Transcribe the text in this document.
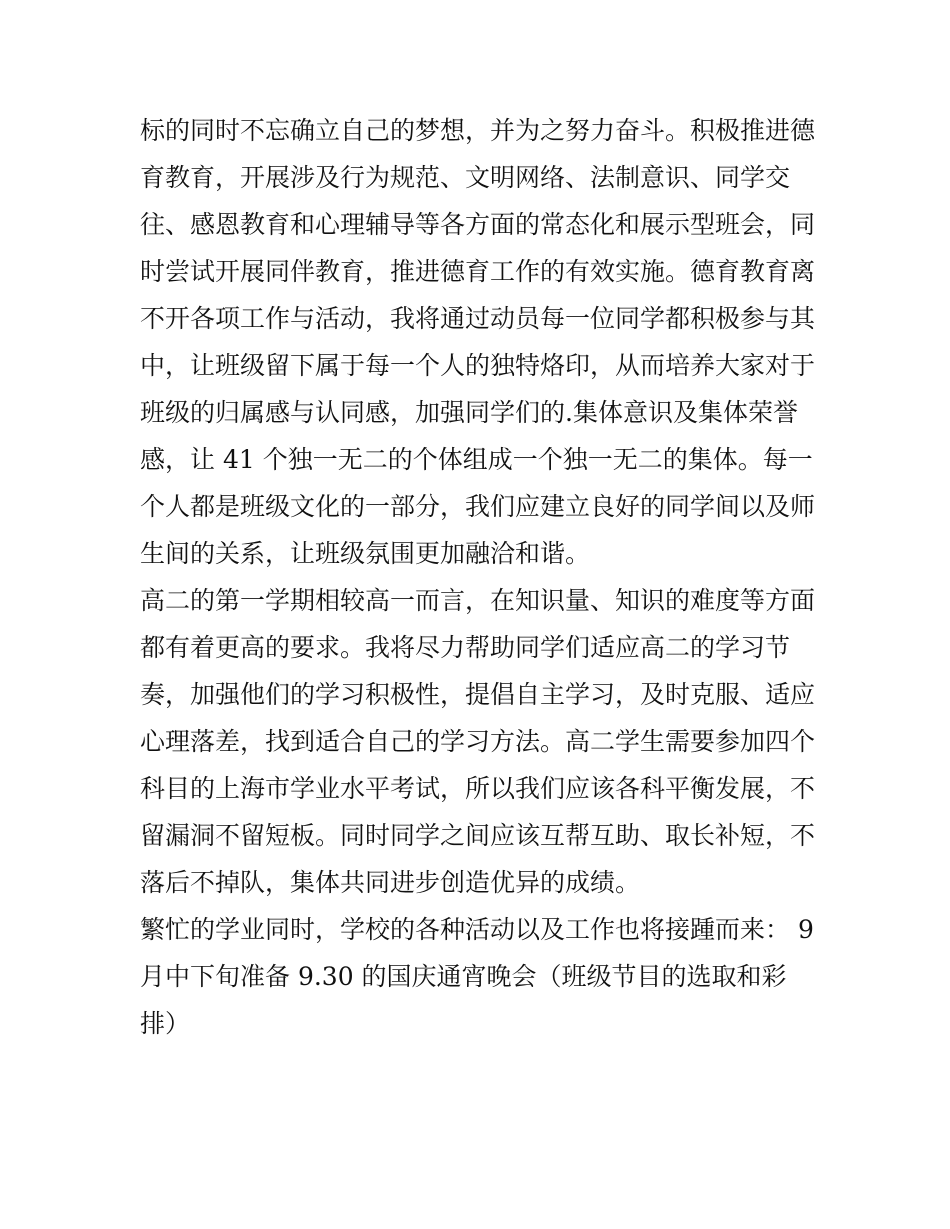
标的同时不忘确立自己的梦想，并为之努力奋斗。积极推进德
育教育，开展涉及行为规范、文明网络、法制意识、同学交
往、感恩教育和心理辅导等各方面的常态化和展示型班会，同
时尝试开展同伴教育，推进德育工作的有效实施。德育教育离
不开各项工作与活动，我将通过动员每一位同学都积极参与其
中，让班级留下属于每一个人的独特烙印，从而培养大家对于
班级的归属感与认同感，加强同学们的.集体意识及集体荣誉
感，让 41 个独一无二的个体组成一个独一无二的集体。每一
个人都是班级文化的一部分，我们应建立良好的同学间以及师
生间的关系，让班级氛围更加融洽和谐。
高二的第一学期相较高一而言，在知识量、知识的难度等方面
都有着更高的要求。我将尽力帮助同学们适应高二的学习节
奏，加强他们的学习积极性，提倡自主学习，及时克服、适应
心理落差，找到适合自己的学习方法。高二学生需要参加四个
科目的上海市学业水平考试，所以我们应该各科平衡发展，不
留漏洞不留短板。同时同学之间应该互帮互助、取长补短，不
落后不掉队，集体共同进步创造优异的成绩。
繁忙的学业同时，学校的各种活动以及工作也将接踵而来： 9
月中下旬准备 9.30 的国庆通宵晚会（班级节目的选取和彩
排）
